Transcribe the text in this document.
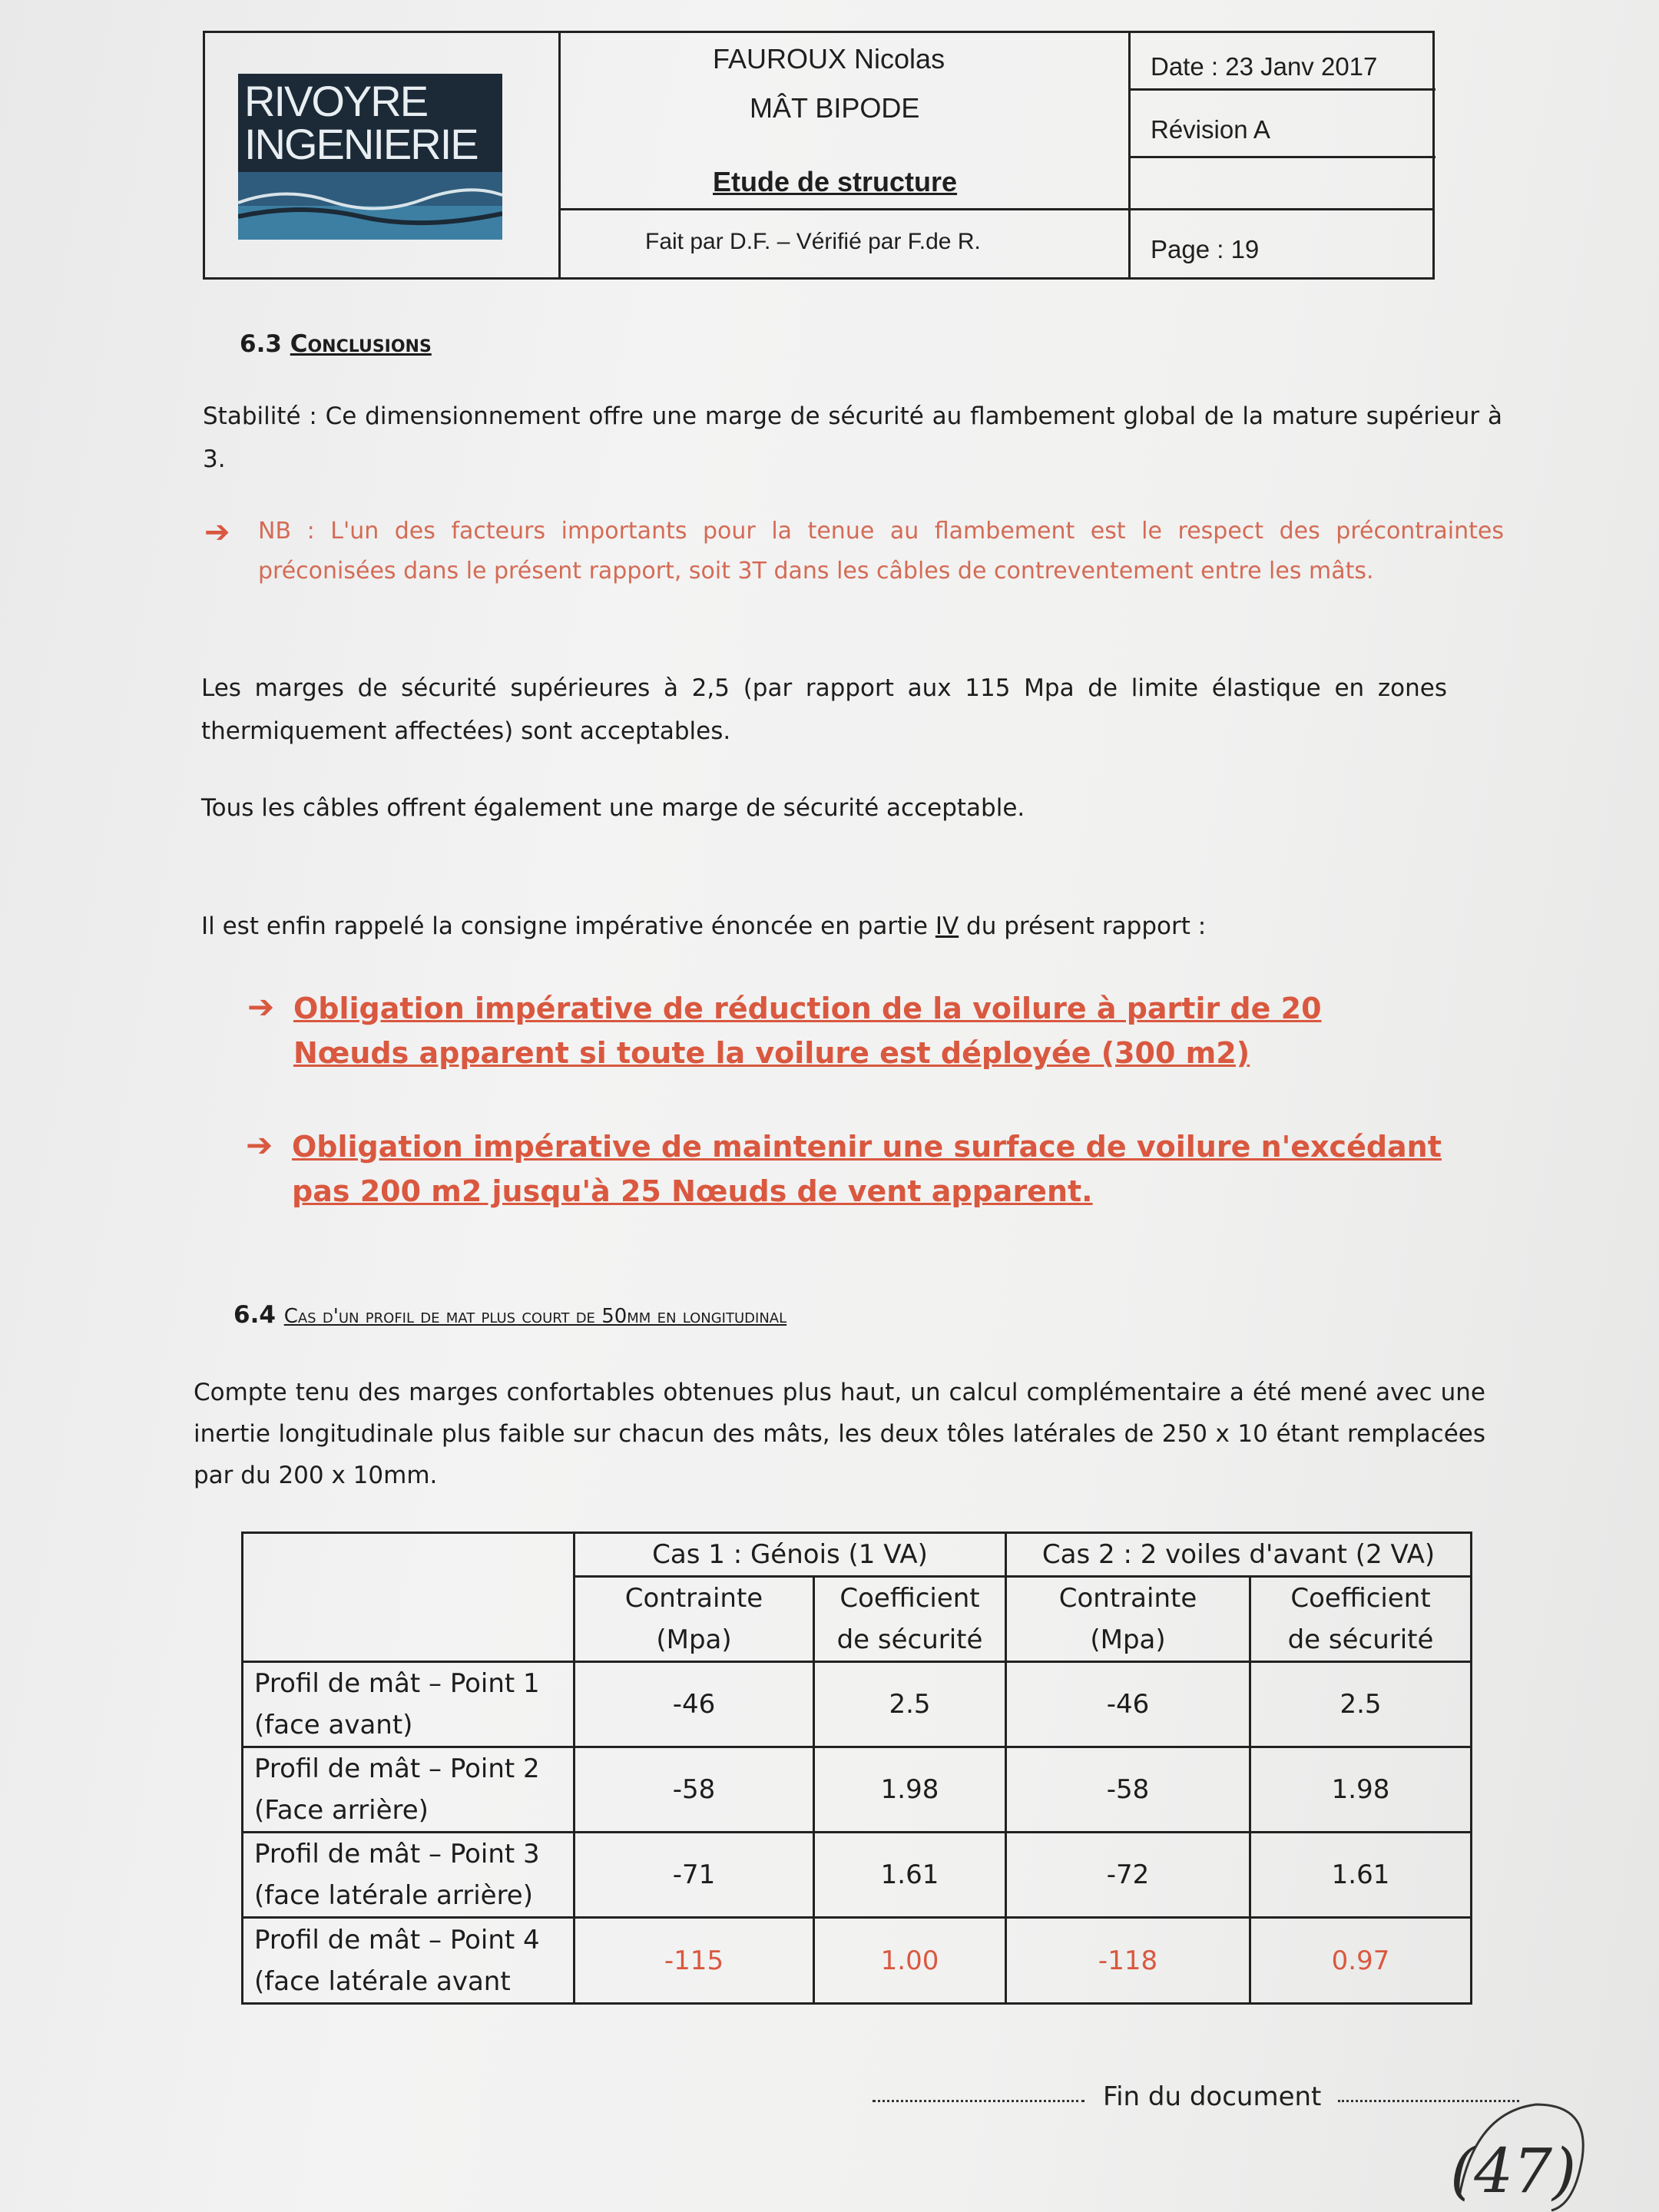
RIVOYRE
INGENIERIE
FAUROUX Nicolas
MÂT BIPODE
Etude de structure
Fait par D.F. – Vérifié par F.de R.
Date : 23 Janv 2017
Révision A
Page : 19
6.3 Conclusions
Stabilité : Ce dimensionnement offre une marge de sécurité au flambement global de la mature supérieur à 3.
➔ NB : L'un des facteurs importants pour la tenue au flambement est le respect des précontraintes préconisées dans le présent rapport, soit 3T dans les câbles de contreventement entre les mâts.
Les marges de sécurité supérieures à 2,5 (par rapport aux 115 Mpa de limite élastique en zones thermiquement affectées) sont acceptables.
Tous les câbles offrent également une marge de sécurité acceptable.
Il est enfin rappelé la consigne impérative énoncée en partie IV du présent rapport :
➔ Obligation impérative de réduction de la voilure à partir de 20 Nœuds apparent si toute la voilure est déployée (300 m2)
➔ Obligation impérative de maintenir une surface de voilure n'excédant pas 200 m2 jusqu'à 25 Nœuds de vent apparent.
6.4 Cas d'un profil de mat plus court de 50mm en longitudinal
Compte tenu des marges confortables obtenues plus haut, un calcul complémentaire a été mené avec une inertie longitudinale plus faible sur chacun des mâts, les deux tôles latérales de 250 x 10 étant remplacées par du 200 x 10mm.
	Cas 1 : Génois (1 VA)		Cas 2 : 2 voiles d'avant (2 VA)	
	Contrainte
(Mpa)	Coefficient
de sécurité	Contrainte
(Mpa)	Coefficient
de sécurité
Profil de mât – Point 1
(face avant)	-46	2.5	-46	2.5
Profil de mât – Point 2
(Face arrière)	-58	1.98	-58	1.98
Profil de mât – Point 3
(face latérale arrière)	-71	1.61	-72	1.61
Profil de mât – Point 4
(face latérale avant	-115	1.00	-118	0.97
Fin du document
(47)
